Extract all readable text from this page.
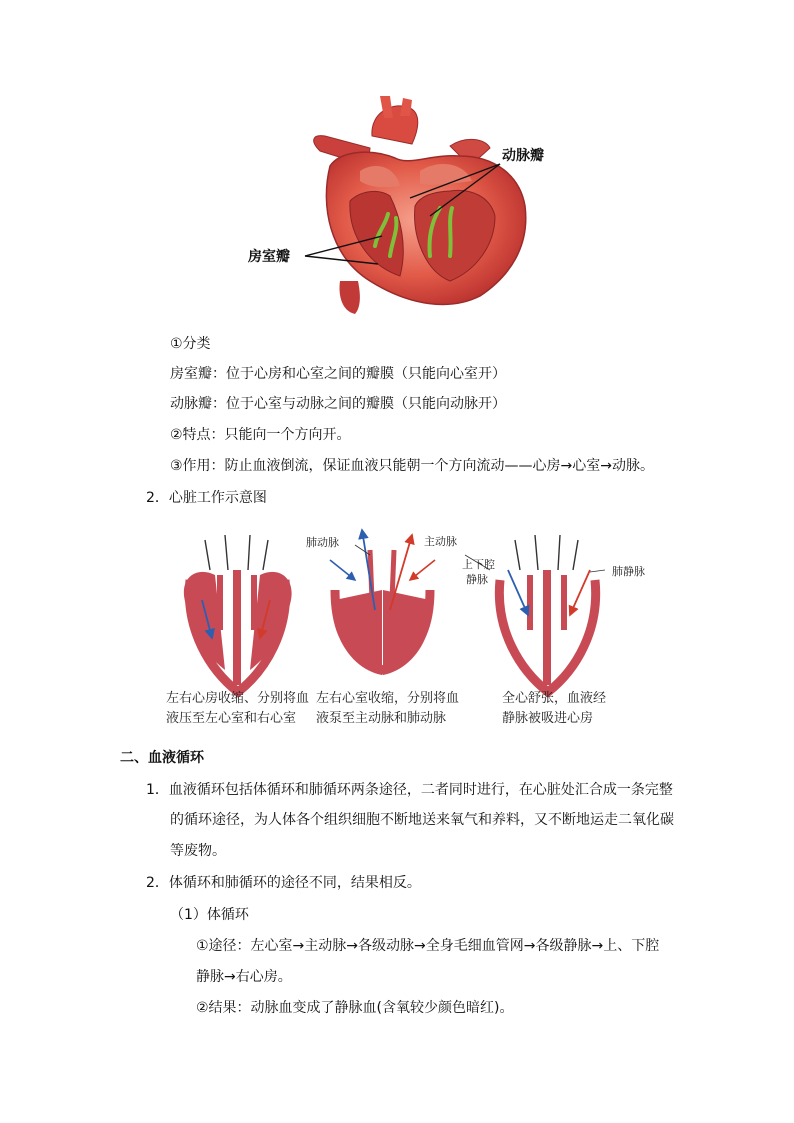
动脉瓣
房室瓣
①分类
房室瓣：位于心房和心室之间的瓣膜（只能向心室开）
动脉瓣：位于心室与动脉之间的瓣膜（只能向动脉开）
②特点：只能向一个方向开。
③作用：防止血液倒流，保证血液只能朝一个方向流动——心房→心室→动脉。
2．心脏工作示意图
肺动脉	主动脉
上下腔
静脉
肺静脉
左右心房收缩、分别将血
液压至左心室和右心室
左右心室收缩，分别将血
液泵至主动脉和肺动脉
全心舒张，血液经
静脉被吸进心房
二、血液循环
1．血液循环包括体循环和肺循环两条途径，二者同时进行，在心脏处汇合成一条完整
的循环途径，为人体各个组织细胞不断地送来氧气和养料，又不断地运走二氧化碳
等废物。
2．体循环和肺循环的途径不同，结果相反。
（1）体循环
①途径：左心室→主动脉→各级动脉→全身毛细血管网→各级静脉→上、下腔
静脉→右心房。
②结果：动脉血变成了静脉血(含氧较少颜色暗红)。
